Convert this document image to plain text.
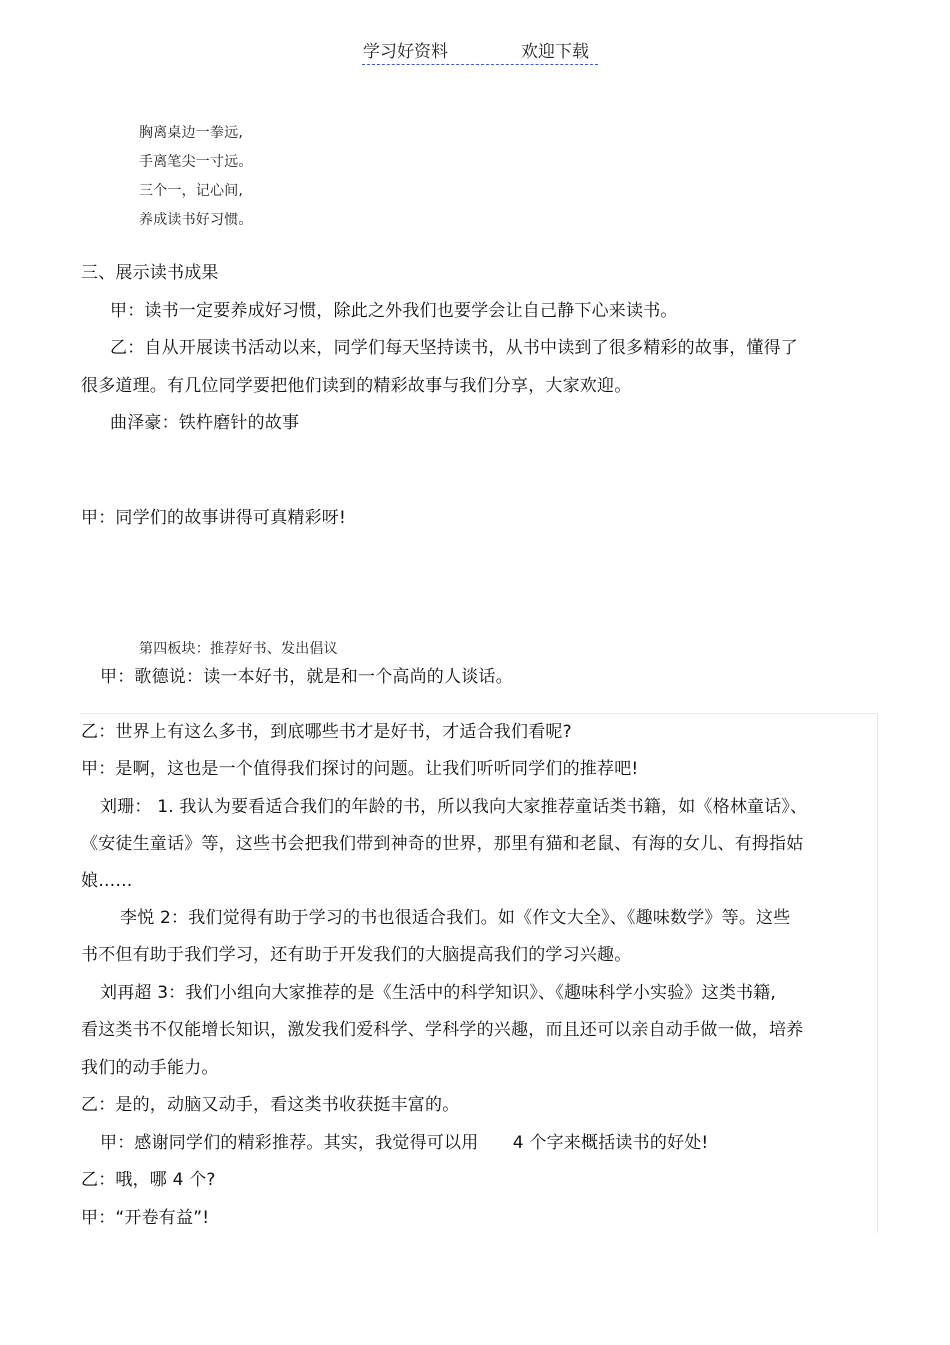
学习好资料	欢迎下载
胸离桌边一拳远,
手离笔尖一寸远。
三个一，记心间,
养成读书好习惯。
三、展示读书成果
甲：读书一定要养成好习惯，除此之外我们也要学会让自己静下心来读书。
乙：自从开展读书活动以来，同学们每天坚持读书，从书中读到了很多精彩的故事，懂得了
很多道理。有几位同学要把他们读到的精彩故事与我们分享，大家欢迎。
曲泽豪：铁杵磨针的故事
甲：同学们的故事讲得可真精彩呀!
第四板块：推荐好书、发出倡议
甲：歌德说：读一本好书，就是和一个高尚的人谈话。
乙：世界上有这么多书，到底哪些书才是好书，才适合我们看呢?
甲：是啊，这也是一个值得我们探讨的问题。让我们听听同学们的推荐吧!
刘珊： 1. 我认为要看适合我们的年龄的书，所以我向大家推荐童话类书籍，如《格林童话》、
《安徒生童话》等，这些书会把我们带到神奇的世界，那里有猫和老鼠、有海的女儿、有拇指姑
娘……
李悦 2：我们觉得有助于学习的书也很适合我们。如《作文大全》、《趣味数学》等。这些
书不但有助于我们学习，还有助于开发我们的大脑提高我们的学习兴趣。
刘再超 3：我们小组向大家推荐的是《生活中的科学知识》、《趣味科学小实验》这类书籍,
看这类书不仅能增长知识，激发我们爱科学、学科学的兴趣，而且还可以亲自动手做一做，培养
我们的动手能力。
乙：是的，动脑又动手，看这类书收获挺丰富的。
甲：感谢同学们的精彩推荐。其实，我觉得可以用　　4 个字来概括读书的好处!
乙：哦，哪 4 个?
甲：“开卷有益”!
